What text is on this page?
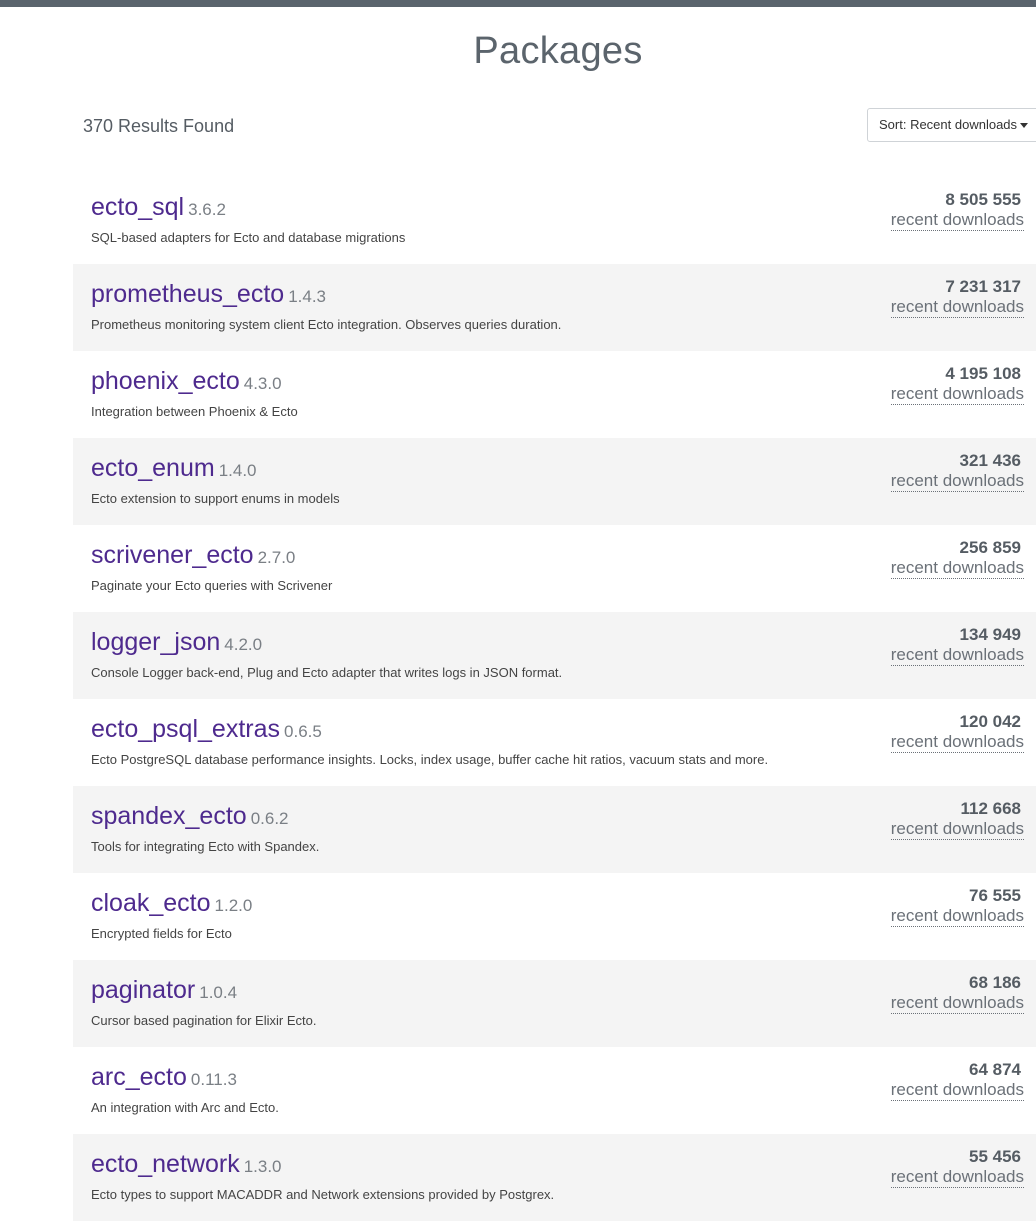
Packages
370 Results Found	Sort: Recent downloads
ecto_sql 3.6.2
SQL-based adapters for Ecto and database migrations
8 505 555
recent downloads
prometheus_ecto 1.4.3
Prometheus monitoring system client Ecto integration. Observes queries duration.
7 231 317
recent downloads
phoenix_ecto 4.3.0
Integration between Phoenix & Ecto
4 195 108
recent downloads
ecto_enum 1.4.0
Ecto extension to support enums in models
321 436
recent downloads
scrivener_ecto 2.7.0
Paginate your Ecto queries with Scrivener
256 859
recent downloads
logger_json 4.2.0
Console Logger back-end, Plug and Ecto adapter that writes logs in JSON format.
134 949
recent downloads
ecto_psql_extras 0.6.5
Ecto PostgreSQL database performance insights. Locks, index usage, buffer cache hit ratios, vacuum stats and more.
120 042
recent downloads
spandex_ecto 0.6.2
Tools for integrating Ecto with Spandex.
112 668
recent downloads
cloak_ecto 1.2.0
Encrypted fields for Ecto
76 555
recent downloads
paginator 1.0.4
Cursor based pagination for Elixir Ecto.
68 186
recent downloads
arc_ecto 0.11.3
An integration with Arc and Ecto.
64 874
recent downloads
ecto_network 1.3.0
Ecto types to support MACADDR and Network extensions provided by Postgrex.
55 456
recent downloads
